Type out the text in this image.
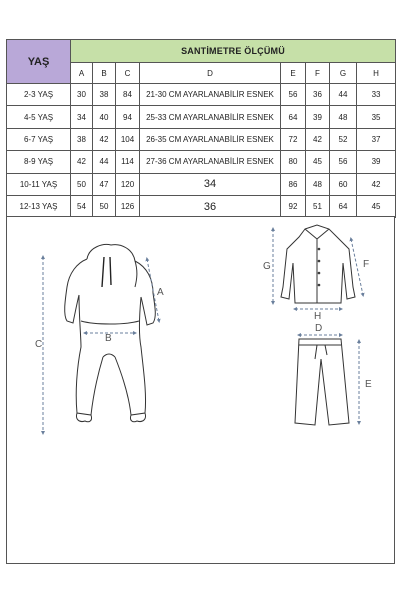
YAŞ	SANTİMETRE ÖLÇÜMÜ							
	A	B	C	D	E	F	G	H
2-3 YAŞ	30	38	84	21-30 CM AYARLANABİLİR ESNEK	56	36	44	33
4-5 YAŞ	34	40	94	25-33 CM AYARLANABİLİR ESNEK	64	39	48	35
6-7 YAŞ	38	42	104	26-35 CM AYARLANABİLİR ESNEK	72	42	52	37
8-9 YAŞ	42	44	114	27-36 CM AYARLANABİLİR ESNEK	80	45	56	39
10-11 YAŞ	50	47	120	34	86	48	60	42
12-13 YAŞ	54	50	126	36	92	51	64	45
C
A
B
G	F
H
D
E
